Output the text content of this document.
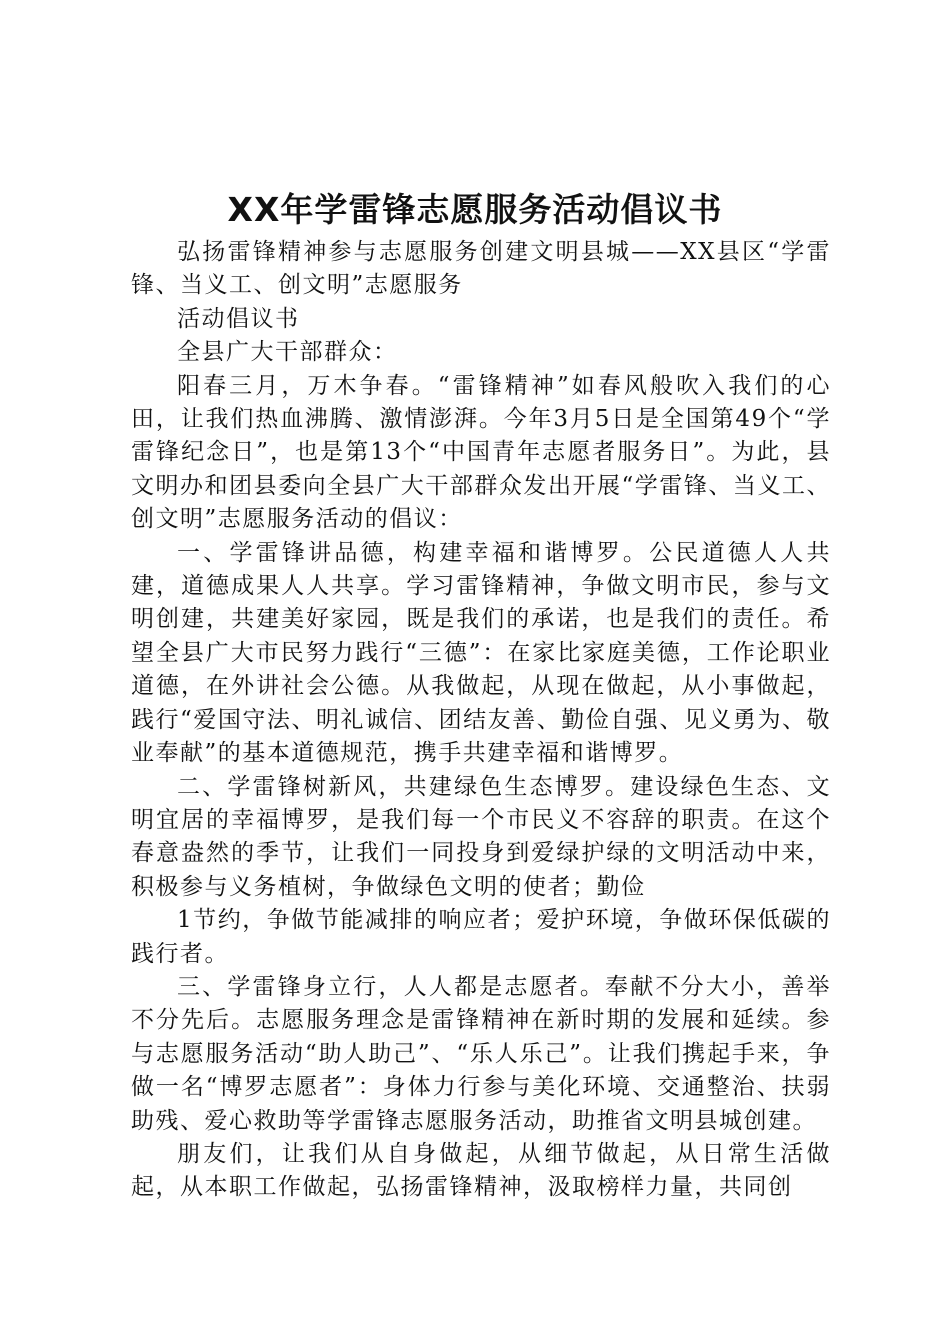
XX年学雷锋志愿服务活动倡议书

弘扬雷锋精神参与志愿服务创建文明县城——XX县区“学雷锋、当义工、创文明”志愿服务

活动倡议书

全县广大干部群众：

阳春三月，万木争春。“雷锋精神”如春风般吹入我们的心田，让我们热血沸腾、激情澎湃。今年3月5日是全国第49个“学雷锋纪念日”，也是第13个“中国青年志愿者服务日”。为此，县文明办和团县委向全县广大干部群众发出开展“学雷锋、当义工、创文明”志愿服务活动的倡议：

一、学雷锋讲品德，构建幸福和谐博罗。公民道德人人共建，道德成果人人共享。学习雷锋精神，争做文明市民，参与文明创建，共建美好家园，既是我们的承诺，也是我们的责任。希望全县广大市民努力践行“三德”：在家比家庭美德，工作论职业道德，在外讲社会公德。从我做起，从现在做起，从小事做起，践行“爱国守法、明礼诚信、团结友善、勤俭自强、见义勇为、敬业奉献”的基本道德规范，携手共建幸福和谐博罗。

二、学雷锋树新风，共建绿色生态博罗。建设绿色生态、文明宜居的幸福博罗，是我们每一个市民义不容辞的职责。在这个春意盎然的季节，让我们一同投身到爱绿护绿的文明活动中来，积极参与义务植树，争做绿色文明的使者；勤俭

1节约，争做节能减排的响应者；爱护环境，争做环保低碳的践行者。

三、学雷锋身立行，人人都是志愿者。奉献不分大小，善举不分先后。志愿服务理念是雷锋精神在新时期的发展和延续。参与志愿服务活动“助人助己”、“乐人乐己”。让我们携起手来，争做一名“博罗志愿者”：身体力行参与美化环境、交通整治、扶弱助残、爱心救助等学雷锋志愿服务活动，助推省文明县城创建。

朋友们，让我们从自身做起，从细节做起，从日常生活做起，从本职工作做起，弘扬雷锋精神，汲取榜样力量，共同创
